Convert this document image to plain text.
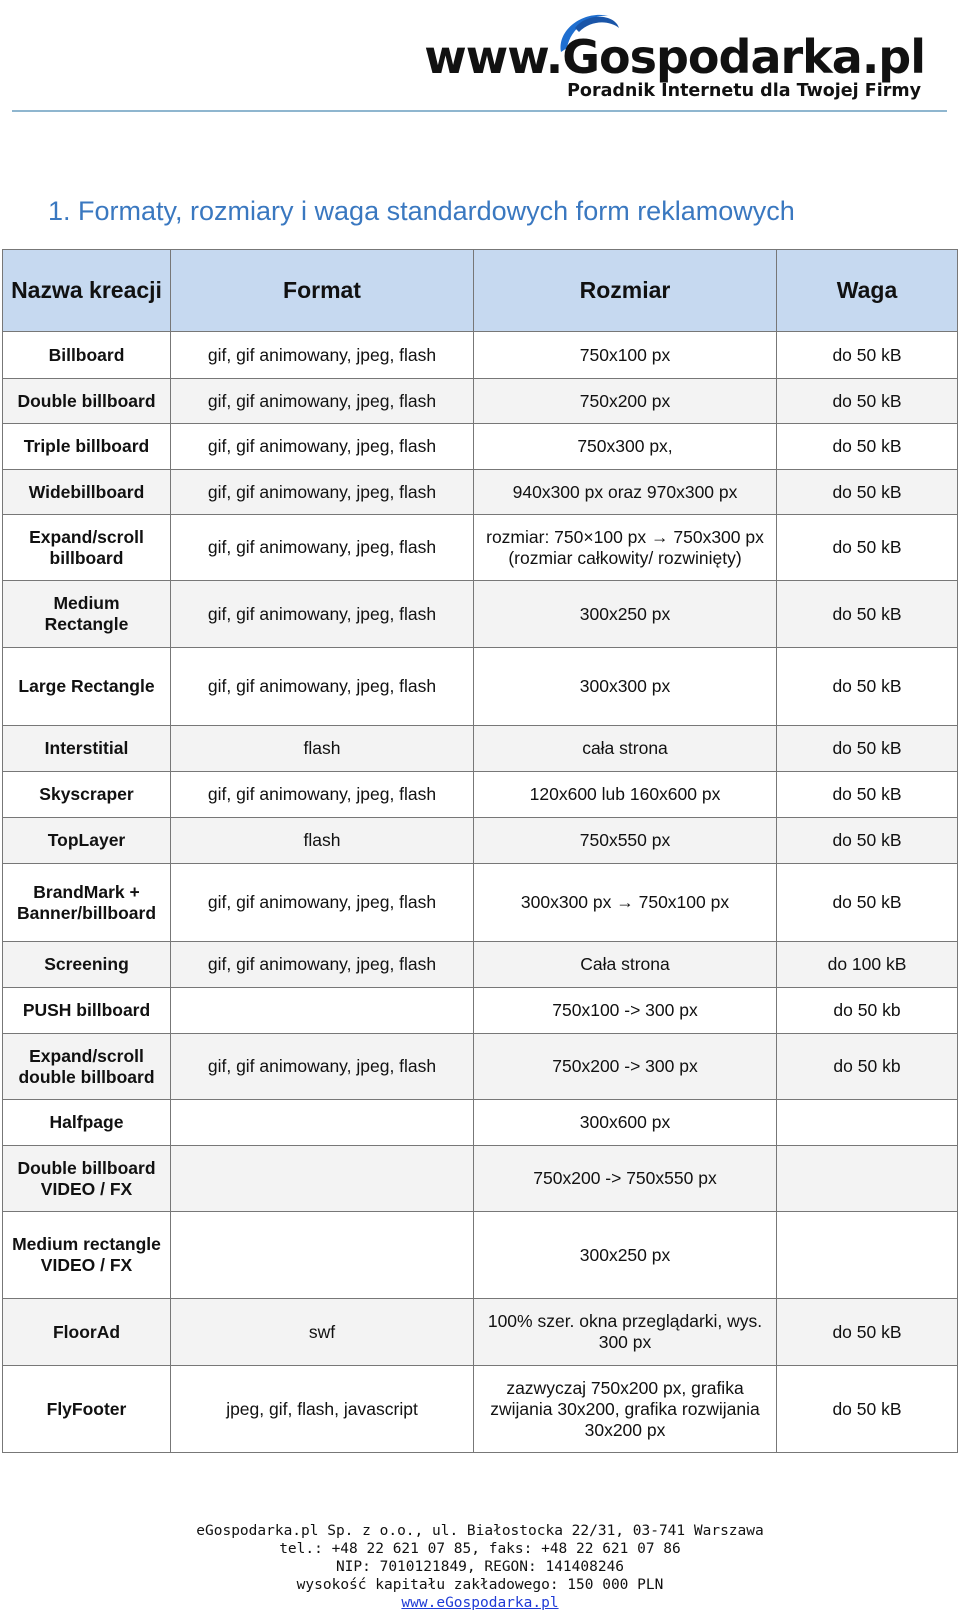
www.Gospodarka.pl
Poradnik Internetu dla Twojej Firmy
1. Formaty, rozmiary i waga standardowych form reklamowych
Nazwa kreacji	Format	Rozmiar	Waga
Billboard	gif, gif animowany, jpeg, flash	750x100 px	do 50 kB
Double billboard	gif, gif animowany, jpeg, flash	750x200 px	do 50 kB
Triple billboard	gif, gif animowany, jpeg, flash	750x300 px,	do 50 kB
Widebillboard	gif, gif animowany, jpeg, flash	940x300 px oraz 970x300 px	do 50 kB
Expand/scroll billboard	gif, gif animowany, jpeg, flash	rozmiar: 750×100 px → 750x300 px (rozmiar całkowity/ rozwinięty)	do 50 kB
Medium Rectangle	gif, gif animowany, jpeg, flash	300x250 px	do 50 kB
Large Rectangle	gif, gif animowany, jpeg, flash	300x300 px	do 50 kB
Interstitial	flash	cała strona	do 50 kB
Skyscraper	gif, gif animowany, jpeg, flash	120x600 lub 160x600 px	do 50 kB
TopLayer	flash	750x550 px	do 50 kB
BrandMark + Banner/billboard	gif, gif animowany, jpeg, flash	300x300 px → 750x100 px	do 50 kB
Screening	gif, gif animowany, jpeg, flash	Cała strona	do 100 kB
PUSH billboard		750x100 -> 300 px	do 50 kb
Expand/scroll double billboard	gif, gif animowany, jpeg, flash	750x200 -> 300 px	do 50 kb
Halfpage		300x600 px	
Double billboard VIDEO / FX		750x200 -> 750x550 px	
Medium rectangle VIDEO / FX		300x250 px	
FloorAd	swf	100% szer. okna przeglądarki, wys. 300 px	do 50 kB
FlyFooter	jpeg, gif, flash, javascript	zazwyczaj 750x200 px, grafika zwijania 30x200, grafika rozwijania 30x200 px	do 50 kB
eGospodarka.pl Sp. z o.o., ul. Białostocka 22/31, 03-741 Warszawa
tel.: +48 22 621 07 85, faks: +48 22 621 07 86
NIP: 7010121849, REGON: 141408246
wysokość kapitału zakładowego: 150 000 PLN
www.eGospodarka.pl
